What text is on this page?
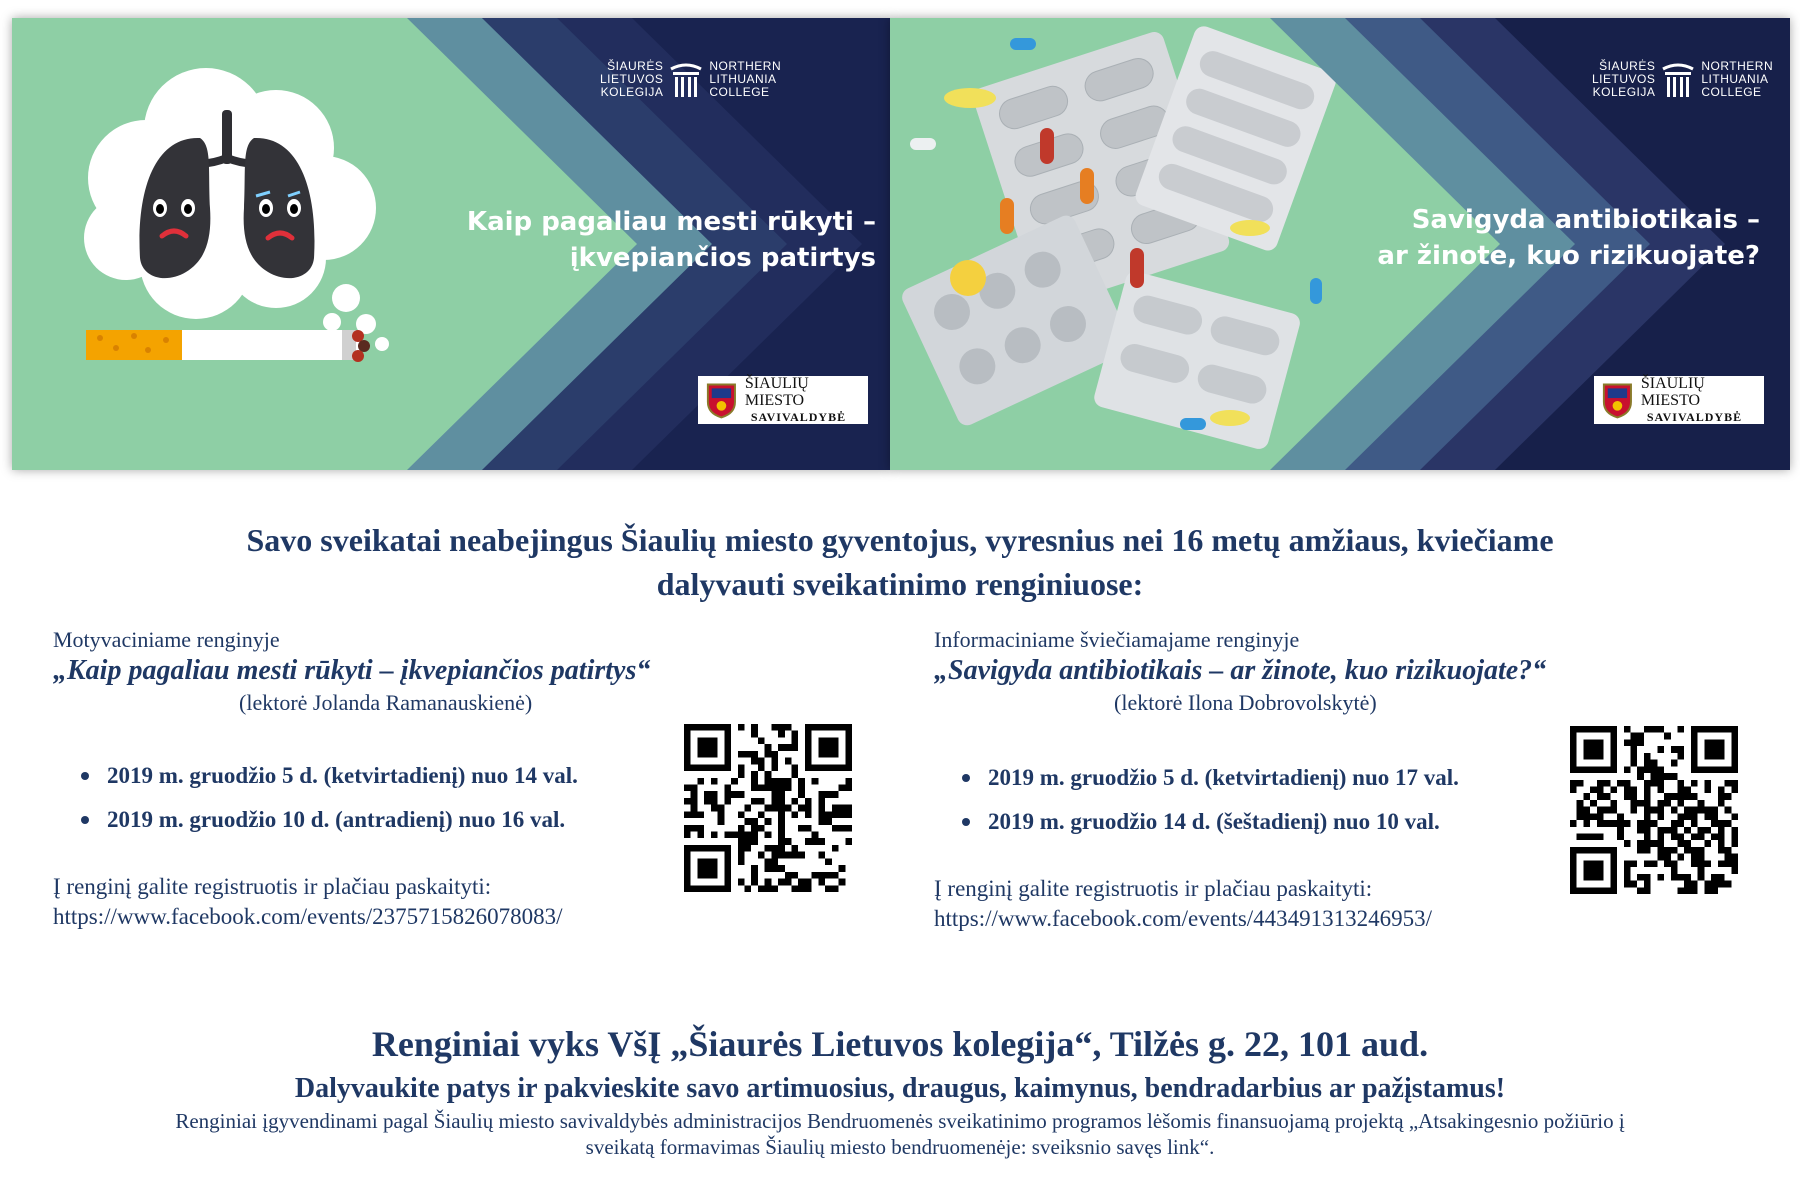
ŠIAURĖS
LIETUVOS
KOLEGIJA
NORTHERN
LITHUANIA
COLLEGE
Kaip pagaliau mesti rūkyti –
įkvepiančios patirtys
ŠIAULIŲ MIESTO
SAVIVALDYBĖ
ŠIAURĖS
LIETUVOS
KOLEGIJA
NORTHERN
LITHUANIA
COLLEGE
Savigyda antibiotikais –
ar žinote, kuo rizikuojate?
ŠIAULIŲ MIESTO
SAVIVALDYBĖ
Savo sveikatai neabejingus Šiaulių miesto gyventojus, vyresnius nei 16 metų amžiaus, kviečiame
dalyvauti sveikatinimo renginiuose:
Motyvaciniame renginyje
„Kaip pagaliau mesti rūkyti – įkvepiančios patirtys“
(lektorė Jolanda Ramanauskienė)
2019 m. gruodžio 5 d. (ketvirtadienį) nuo 14 val.
2019 m. gruodžio 10 d. (antradienį) nuo 16 val.
Į renginį galite registruotis ir plačiau paskaityti:
https://www.facebook.com/events/2375715826078083/
Informaciniame šviečiamajame renginyje
„Savigyda antibiotikais – ar žinote, kuo rizikuojate?“
(lektorė Ilona Dobrovolskytė)
2019 m. gruodžio 5 d. (ketvirtadienį) nuo 17 val.
2019 m. gruodžio 14 d. (šeštadienį) nuo 10 val.
Į renginį galite registruotis ir plačiau paskaityti:
https://www.facebook.com/events/443491313246953/
Renginiai vyks VšĮ „Šiaurės Lietuvos kolegija“, Tilžės g. 22, 101 aud.
Dalyvaukite patys ir pakvieskite savo artimuosius, draugus, kaimynus, bendradarbius ar pažįstamus!
Renginiai įgyvendinami pagal Šiaulių miesto savivaldybės administracijos Bendruomenės sveikatinimo programos lėšomis finansuojamą projektą „Atsakingesnio požiūrio į
sveikatą formavimas Šiaulių miesto bendruomenėje: sveiksnio savęs link“.
